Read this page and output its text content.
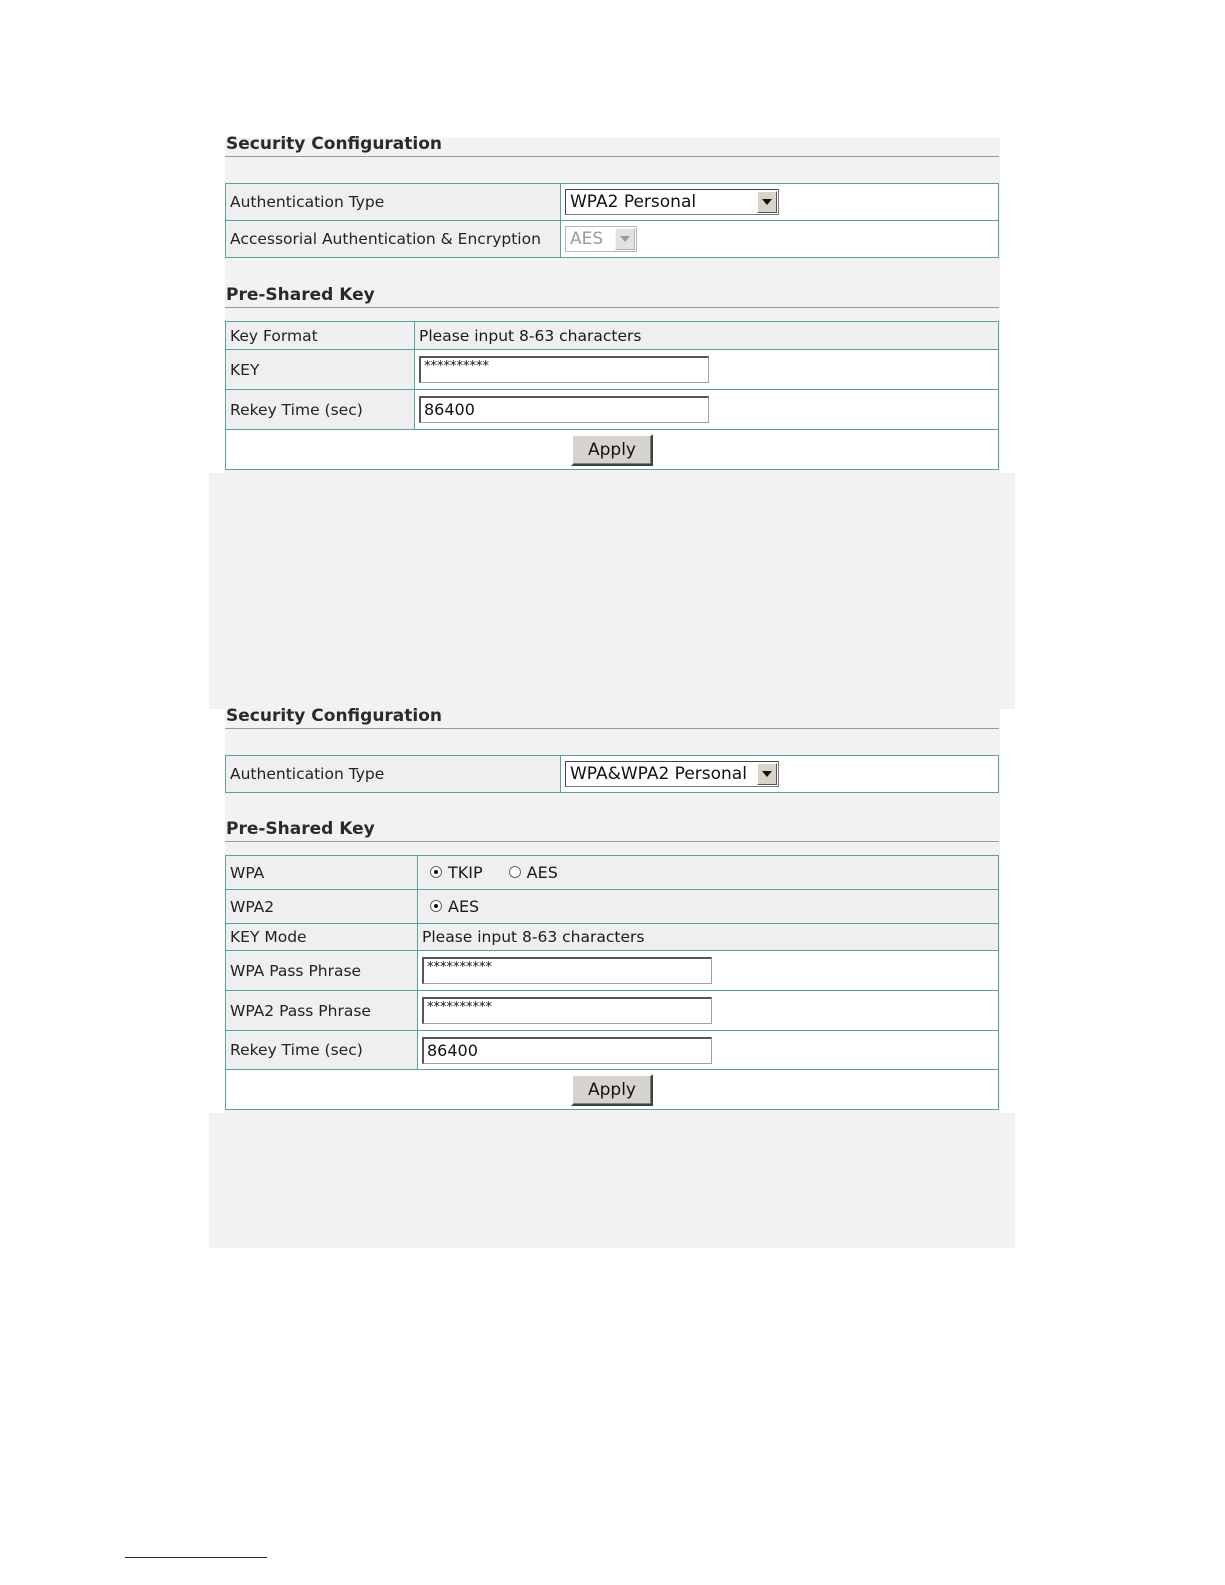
Security Configuration
Authentication Type	WPA2 Personal

Accessorial Authentication & Encryption	AES
Pre-Shared Key
Key Format	Please input 8-63 characters
KEY	**********
Rekey Time (sec)	86400
Apply	
Security Configuration
Authentication Type	WPA&WPA2 Personal
Pre-Shared Key
WPA	TKIP AES

WPA2	AES

KEY Mode	Please input 8-63 characters
WPA Pass Phrase	**********
WPA2 Pass Phrase	**********
Rekey Time (sec)	86400
Apply	
